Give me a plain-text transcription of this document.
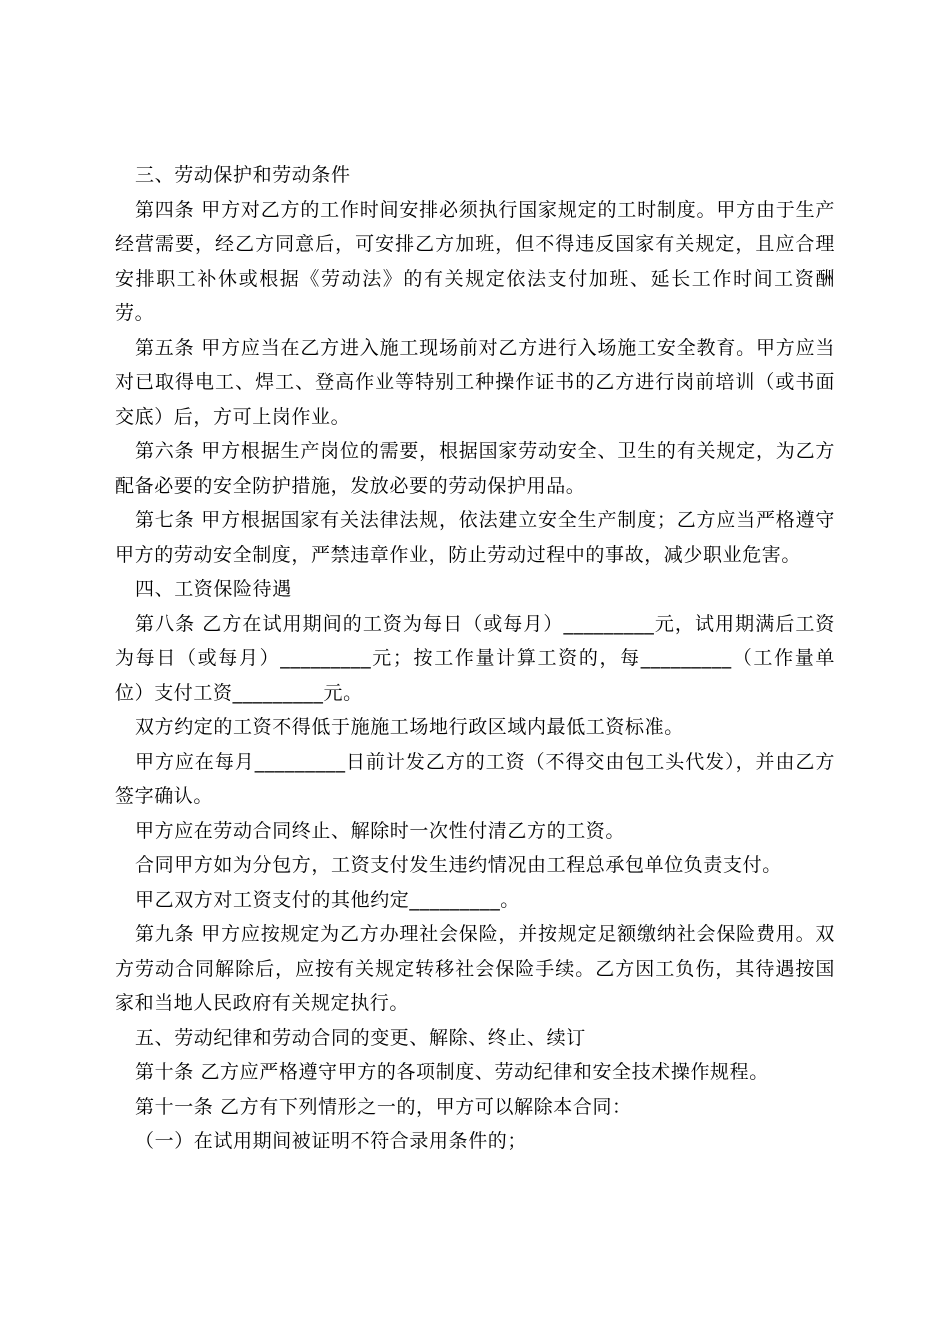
三、劳动保护和劳动条件

第四条 甲方对乙方的工作时间安排必须执行国家规定的工时制度。甲方由于生产经营需要，经乙方同意后，可安排乙方加班，但不得违反国家有关规定，且应合理安排职工补休或根据《劳动法》的有关规定依法支付加班、延长工作时间工资酬劳。

第五条 甲方应当在乙方进入施工现场前对乙方进行入场施工安全教育。甲方应当对已取得电工、焊工、登高作业等特别工种操作证书的乙方进行岗前培训（或书面交底）后，方可上岗作业。

第六条 甲方根据生产岗位的需要，根据国家劳动安全、卫生的有关规定，为乙方配备必要的安全防护措施，发放必要的劳动保护用品。

第七条 甲方根据国家有关法律法规，依法建立安全生产制度；乙方应当严格遵守甲方的劳动安全制度，严禁违章作业，防止劳动过程中的事故，减少职业危害。

四、工资保险待遇

第八条 乙方在试用期间的工资为每日（或每月）_________元，试用期满后工资为每日（或每月）_________元；按工作量计算工资的，每_________（工作量单位）支付工资_________元。

双方约定的工资不得低于施施工场地行政区域内最低工资标准。

甲方应在每月_________日前计发乙方的工资（不得交由包工头代发），并由乙方签字确认。

甲方应在劳动合同终止、解除时一次性付清乙方的工资。

合同甲方如为分包方，工资支付发生违约情况由工程总承包单位负责支付。

甲乙双方对工资支付的其他约定_________。

第九条 甲方应按规定为乙方办理社会保险，并按规定足额缴纳社会保险费用。双方劳动合同解除后，应按有关规定转移社会保险手续。乙方因工负伤，其待遇按国家和当地人民政府有关规定执行。

五、劳动纪律和劳动合同的变更、解除、终止、续订

第十条 乙方应严格遵守甲方的各项制度、劳动纪律和安全技术操作规程。

第十一条 乙方有下列情形之一的，甲方可以解除本合同：

（一）在试用期间被证明不符合录用条件的；
